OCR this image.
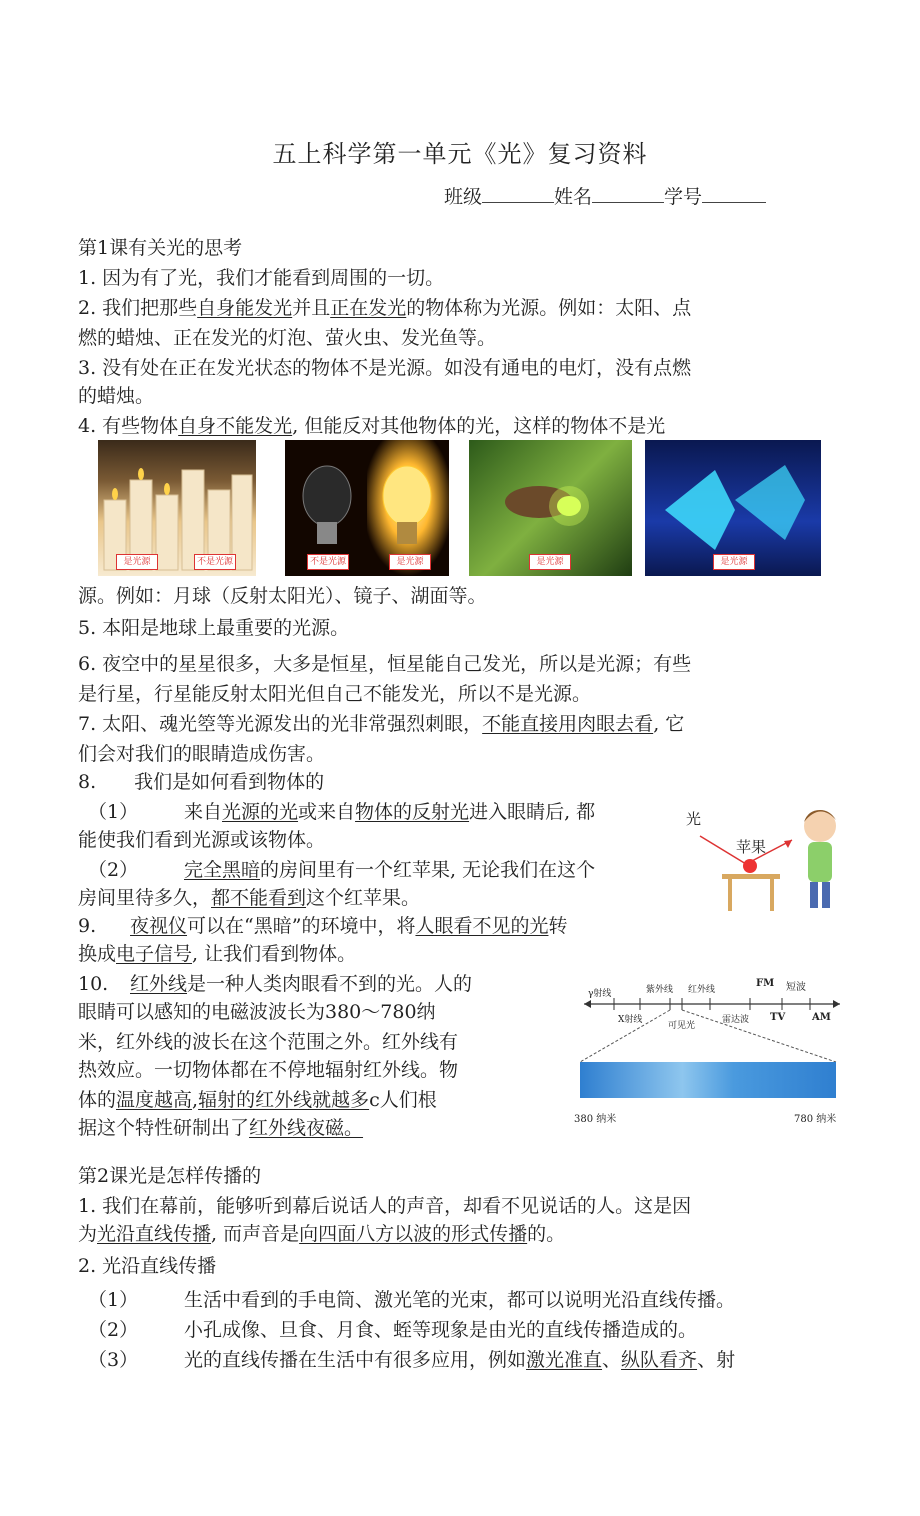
五上科学第一单元《光》复习资料
班级	姓名	学号
第1课有关光的思考
1. 因为有了光，我们才能看到周围的一切。
2. 我们把那些自身能发光并且正在发光的物体称为光源。例如：太阳、点
燃的蜡烛、正在发光的灯泡、萤火虫、发光鱼等。
3. 没有处在正在发光状态的物体不是光源。如没有通电的电灯，没有点燃
的蜡烛。
4. 有些物体自身不能发光, 但能反对其他物体的光，这样的物体不是光
是光源	不是光源	不是光源	是光源	是光源	是光源
源。例如：月球（反射太阳光）、镜子、湖面等。
5. 本阳是地球上最重要的光源。
6. 夜空中的星星很多，大多是恒星，恒星能自己发光，所以是光源；有些
是行星，行星能反射太阳光但自己不能发光，所以不是光源。
7. 太阳、魂光箜等光源发出的光非常强烈刺眼，不能直接用肉眼去看, 它
们会对我们的眼睛造成伤害。
8.　　我们是如何看到物体的
（1） 来自光源的光或来自物体的反射光进入眼睛后, 都
能使我们看到光源或该物体。
（2） 完全黑暗的房间里有一个红苹果, 无论我们在这个
房间里待多久，都不能看到这个红苹果。
光
苹果
9. 夜视仪可以在“黑暗”的环境中，将人眼看不见的光转
换成电子信号, 让我们看到物体。
10. 红外线是一种人类肉眼看不到的光。人的
眼睛可以感知的电磁波波长为380〜780纳
米，红外线的波长在这个范围之外。红外线有
热效应。一切物体都在不停地辐射红外线。物
体的温度越高,辐射的红外线就越多c人们根
据这个特性研制出了红外线夜磁。
γ射线	紫外线 红外线
FM 短波
X射线
可见光
雷达波 TV	AM
380 纳米	780 纳米
第2课光是怎样传播的
1. 我们在幕前，能够听到幕后说话人的声音，却看不见说话的人。这是因
为光沿直线传播, 而声音是向四面八方以波的形式传播的。
2. 光沿直线传播
（1） 生活中看到的手电筒、激光笔的光束，都可以说明光沿直线传播。
（2） 小孔成像、旦食、月食、蛭等现象是由光的直线传播造成的。
（3） 光的直线传播在生活中有很多应用，例如激光准直、纵队看齐、射
